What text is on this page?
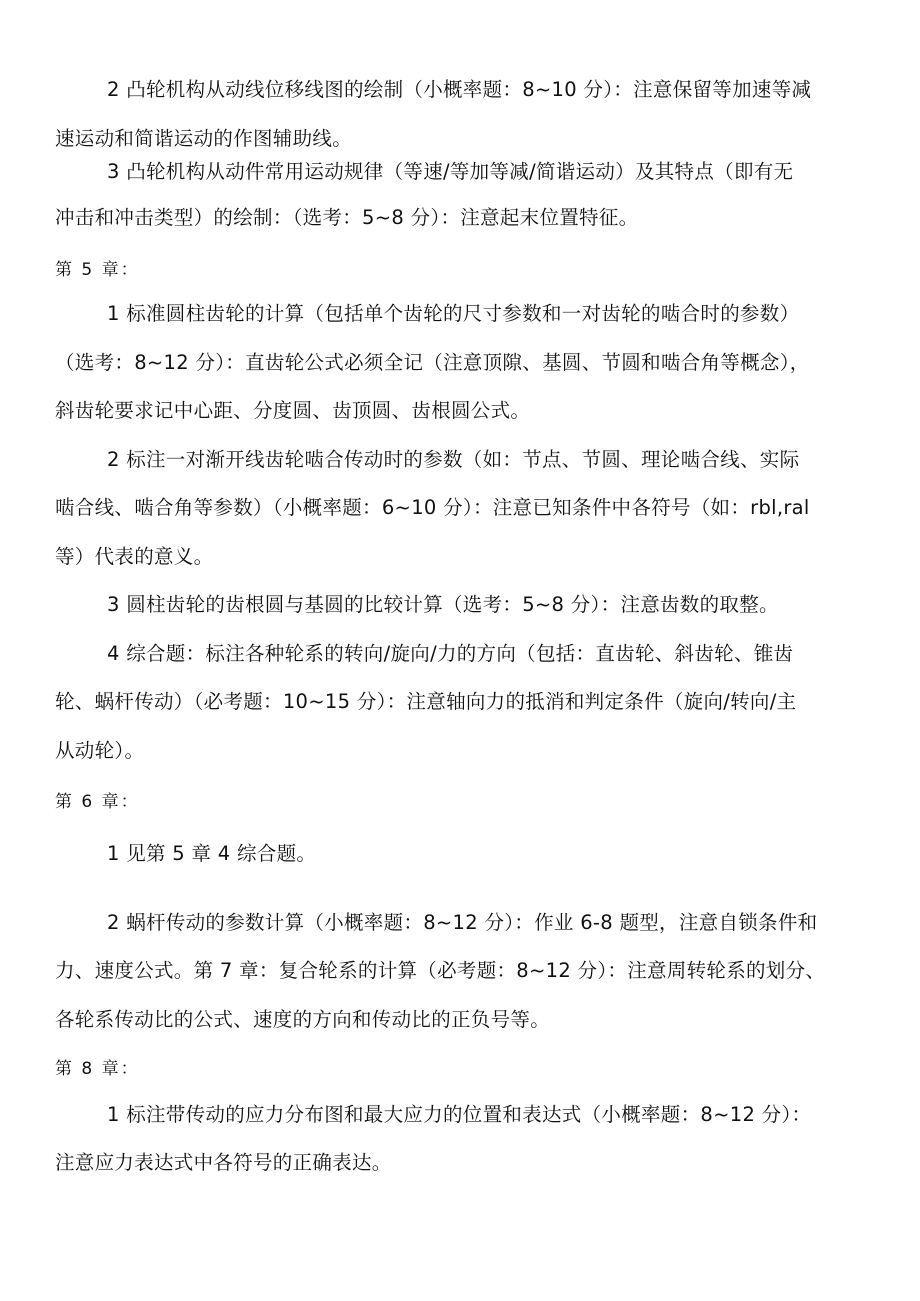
2 凸轮机构从动线位移线图的绘制（小概率题：8~10 分）：注意保留等加速等减
速运动和简谐运动的作图辅助线。
3 凸轮机构从动件常用运动规律（等速/等加等减/简谐运动）及其特点（即有无
冲击和冲击类型）的绘制：（选考：5~8 分）：注意起末位置特征。
第 5 章：
1 标准圆柱齿轮的计算（包括单个齿轮的尺寸参数和一对齿轮的啮合时的参数）
（选考：8~12 分）：直齿轮公式必须全记（注意顶隙、基圆、节圆和啮合角等概念），
斜齿轮要求记中心距、分度圆、齿顶圆、齿根圆公式。
2 标注一对渐开线齿轮啮合传动时的参数（如：节点、节圆、理论啮合线、实际
啮合线、啮合角等参数）（小概率题：6~10 分）：注意已知条件中各符号（如：rbl,ral
等）代表的意义。
3 圆柱齿轮的齿根圆与基圆的比较计算（选考：5~8 分）：注意齿数的取整。
4 综合题：标注各种轮系的转向/旋向/力的方向（包括：直齿轮、斜齿轮、锥齿
轮、蜗杆传动）（必考题：10~15 分）：注意轴向力的抵消和判定条件（旋向/转向/主
从动轮）。
第 6 章：
1 见第 5 章 4 综合题。
2 蜗杆传动的参数计算（小概率题：8~12 分）：作业 6-8 题型，注意自锁条件和
力、速度公式。第 7 章：复合轮系的计算（必考题：8~12 分）：注意周转轮系的划分、
各轮系传动比的公式、速度的方向和传动比的正负号等。
第 8 章：
1 标注带传动的应力分布图和最大应力的位置和表达式（小概率题：8~12 分）：
注意应力表达式中各符号的正确表达。
